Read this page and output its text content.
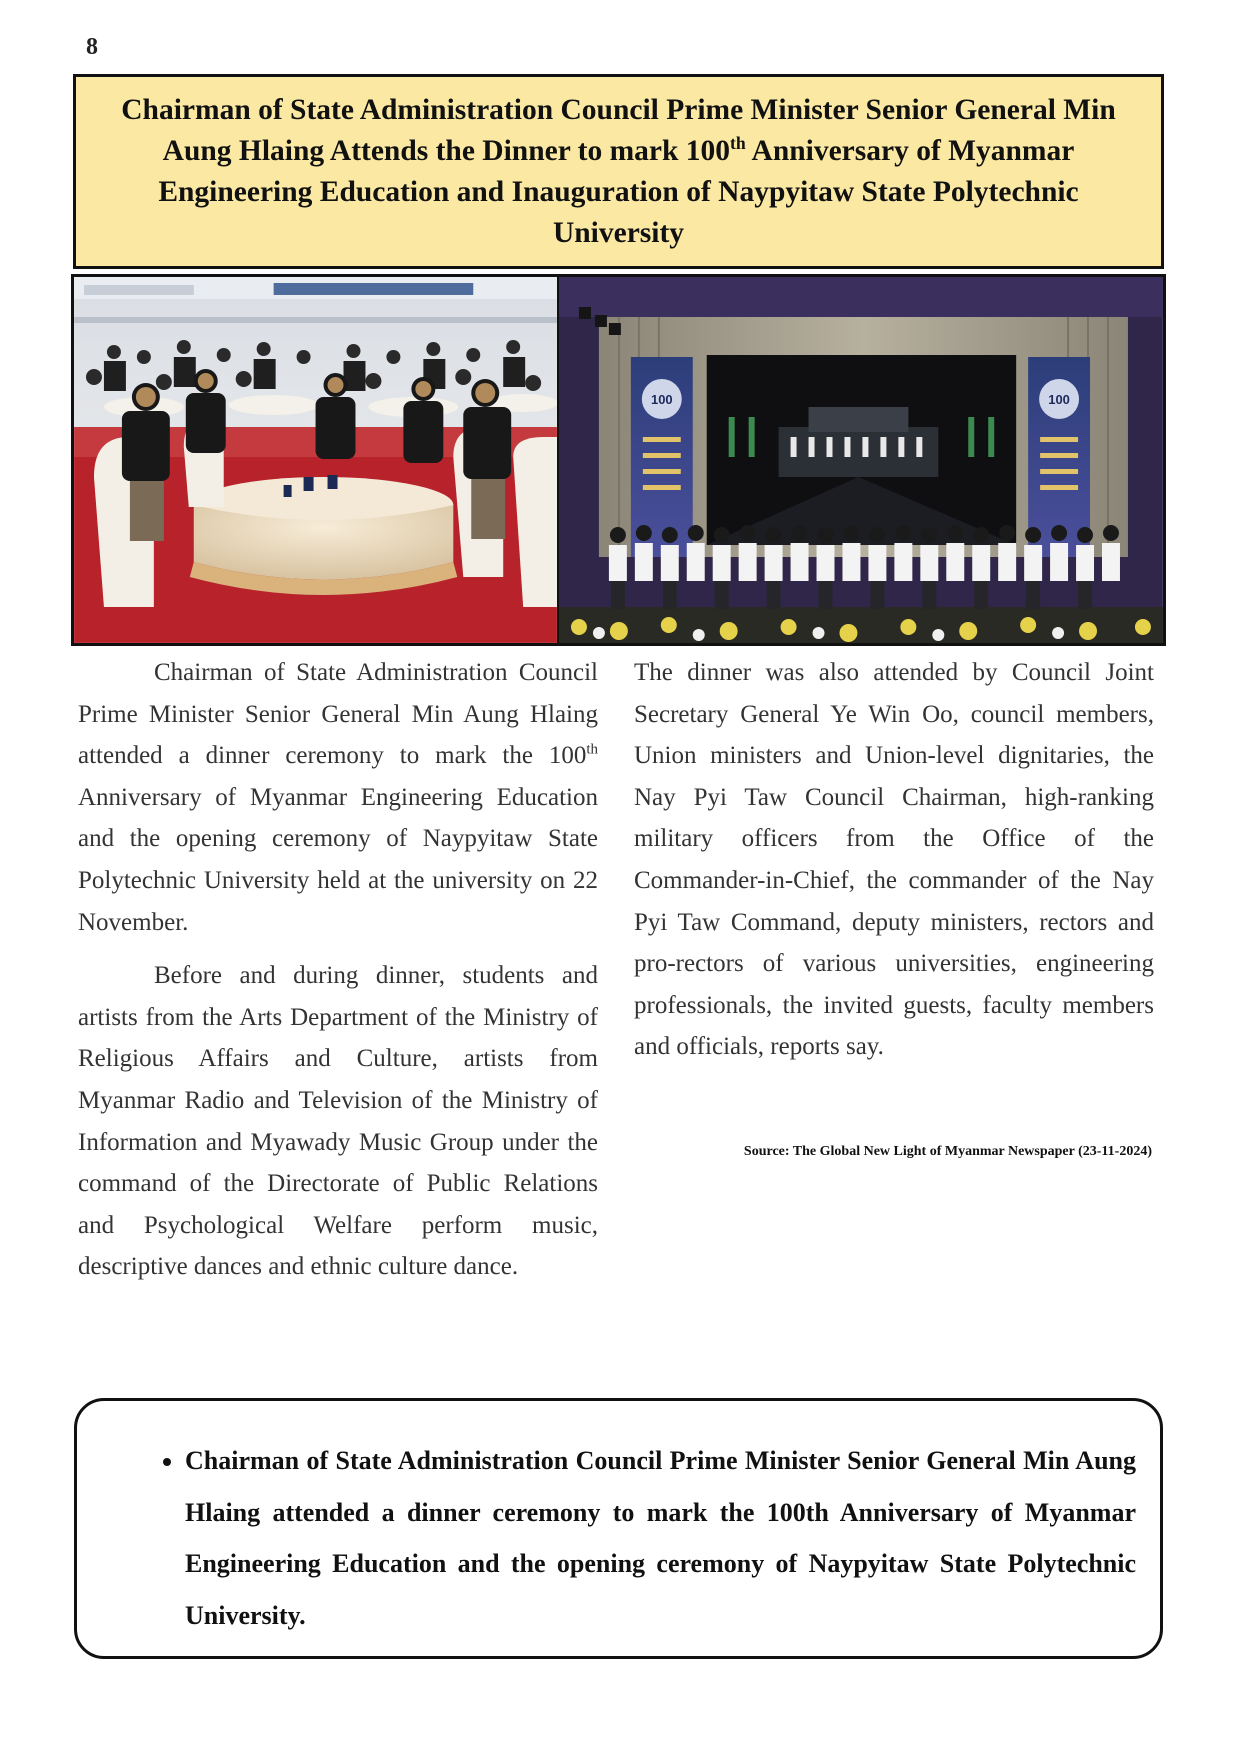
8
Chairman of State Administration Council Prime Minister Senior General Min Aung Hlaing Attends the Dinner to mark 100th Anniversary of Myanmar Engineering Education and Inauguration of Naypyitaw State Polytechnic University
100	100

Chairman of State Administration Council Prime Minister Senior General Min Aung Hlaing attended a dinner ceremony to mark the 100th Anniversary of Myanmar Engineering Education and the opening ceremony of Naypyitaw State Polytechnic University held at the university on 22 November.

Before and during dinner, students and artists from the Arts Department of the Ministry of Religious Affairs and Culture, artists from Myanmar Radio and Television of the Ministry of Information and Myawady Music Group under the command of the Directorate of Public Relations and Psychological Welfare perform music, descriptive dances and ethnic culture dance.

The dinner was also attended by Council Joint Secretary General Ye Win Oo, council members, Union ministers and Union-level dignitaries, the Nay Pyi Taw Council Chairman, high-ranking military officers from the Office of the Commander-in-Chief, the commander of the Nay Pyi Taw Command, deputy ministers, rectors and pro-rectors of various universities, engineering professionals, the invited guests, faculty members and officials, reports say.

Source: The Global New Light of Myanmar Newspaper (23-11-2024)
• Chairman of State Administration Council Prime Minister Senior General Min Aung Hlaing attended a dinner ceremony to mark the 100th Anniversary of Myanmar Engineering Education and the opening ceremony of Naypyitaw State Polytechnic University.
